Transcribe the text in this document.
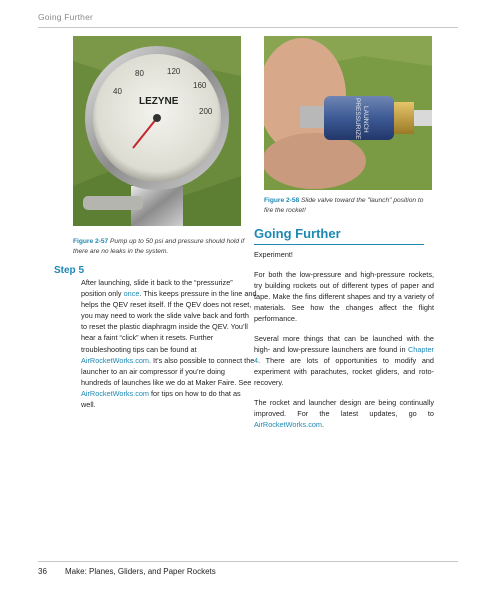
Going Further
40
80	120
160
200
LEZYNE	PRESSURIZE LAUNCH
Figure 2-58 Slide valve toward the "launch" position to fire the rocket!
Figure 2-57 Pump up to 50 psi and pressure should hold if there are no leaks in the system.
Going Further
Step 5
After launching, slide it back to the “pressurize” position only once. This keeps pressure in the line and helps the QEV reset itself. If the QEV does not reset, you may need to work the slide valve back and forth to reset the plastic diaphragm inside the QEV. You’ll hear a faint “click” when it resets. Further troubleshooting tips can be found at AirRocketWorks.com. It’s also possible to connect the launcher to an air compressor if you’re doing hundreds of launches like we do at Maker Faire. See AirRocketWorks.com for tips on how to do that as well.

Experiment!

For both the low-pressure and high-pressure rockets, try building rockets out of different types of paper and tape. Make the fins different shapes and try a variety of materials. See how the changes affect the flight performance.

Several more things that can be launched with the high- and low-pressure launchers are found in Chapter 4. There are lots of opportunities to modify and experiment with parachutes, rocket gliders, and roto-recovery.

The rocket and launcher design are being continually improved. For the latest updates, go to AirRocketWorks.com.

36 Make: Planes, Gliders, and Paper Rockets
